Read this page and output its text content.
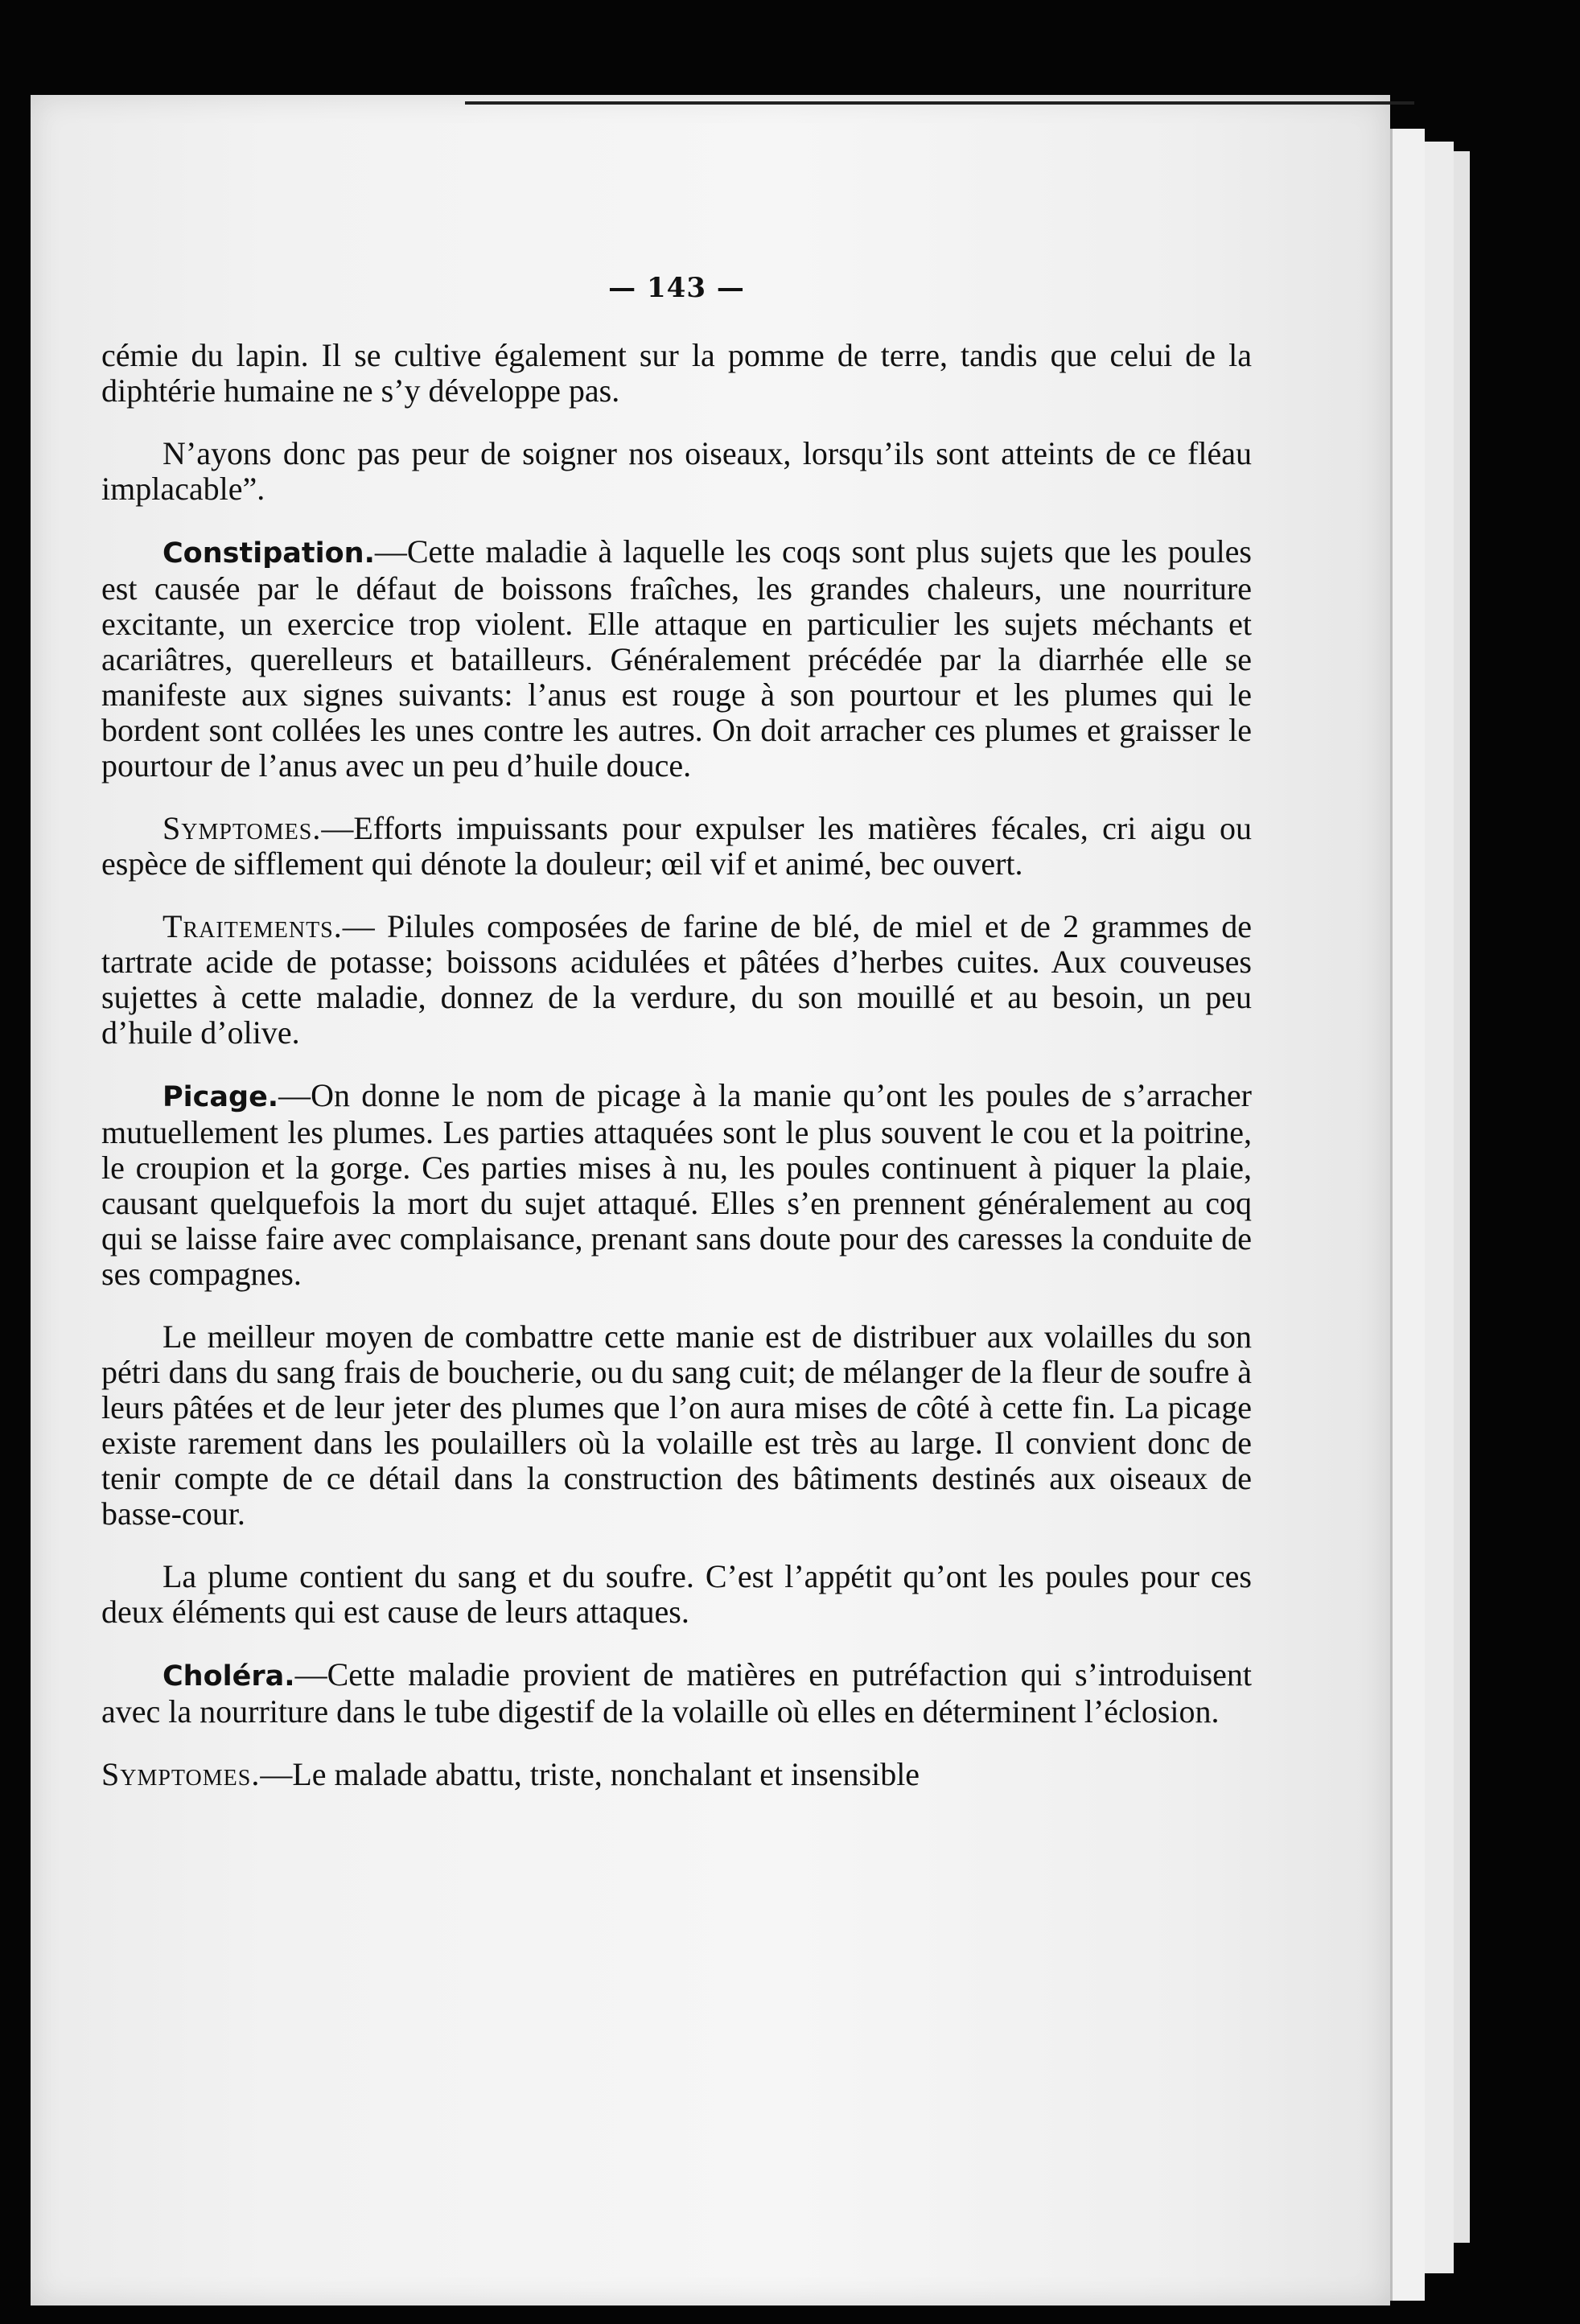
— 143 —

cémie du lapin. Il se cultive également sur la pomme de terre, tandis que celui de la diphtérie humaine ne s’y développe pas.

N’ayons donc pas peur de soigner nos oiseaux, lorsqu’ils sont atteints de ce fléau implacable”.

Constipation.—Cette maladie à laquelle les coqs sont plus sujets que les poules est causée par le défaut de boissons fraîches, les grandes chaleurs, une nourriture excitante, un exercice trop violent. Elle attaque en particulier les sujets méchants et acariâtres, querelleurs et batailleurs. Généralement précédée par la diarrhée elle se manifeste aux signes suivants: l’anus est rouge à son pourtour et les plumes qui le bordent sont collées les unes contre les autres. On doit arracher ces plumes et graisser le pourtour de l’anus avec un peu d’huile douce.

Symptomes.—Efforts impuissants pour expulser les matières fécales, cri aigu ou espèce de sifflement qui dénote la douleur; œil vif et animé, bec ouvert.

Traitements.— Pilules composées de farine de blé, de miel et de 2 grammes de tartrate acide de potasse; boissons acidulées et pâtées d’herbes cuites. Aux couveuses sujettes à cette maladie, donnez de la verdure, du son mouillé et au besoin, un peu d’huile d’olive.

Picage.—On donne le nom de picage à la manie qu’ont les poules de s’arracher mutuellement les plumes. Les parties attaquées sont le plus souvent le cou et la poitrine, le croupion et la gorge. Ces parties mises à nu, les poules continuent à piquer la plaie, causant quelquefois la mort du sujet attaqué. Elles s’en prennent généralement au coq qui se laisse faire avec complaisance, prenant sans doute pour des caresses la conduite de ses compagnes.

Le meilleur moyen de combattre cette manie est de distribuer aux volailles du son pétri dans du sang frais de boucherie, ou du sang cuit; de mélanger de la fleur de soufre à leurs pâtées et de leur jeter des plumes que l’on aura mises de côté à cette fin. La picage existe rarement dans les poulaillers où la volaille est très au large. Il convient donc de tenir compte de ce détail dans la construction des bâtiments destinés aux oiseaux de basse-cour.

La plume contient du sang et du soufre. C’est l’appétit qu’ont les poules pour ces deux éléments qui est cause de leurs attaques.

Choléra.—Cette maladie provient de matières en putréfaction qui s’introduisent avec la nourriture dans le tube digestif de la volaille où elles en déterminent l’éclosion.

Symptomes.—Le malade abattu, triste, nonchalant et insensible
